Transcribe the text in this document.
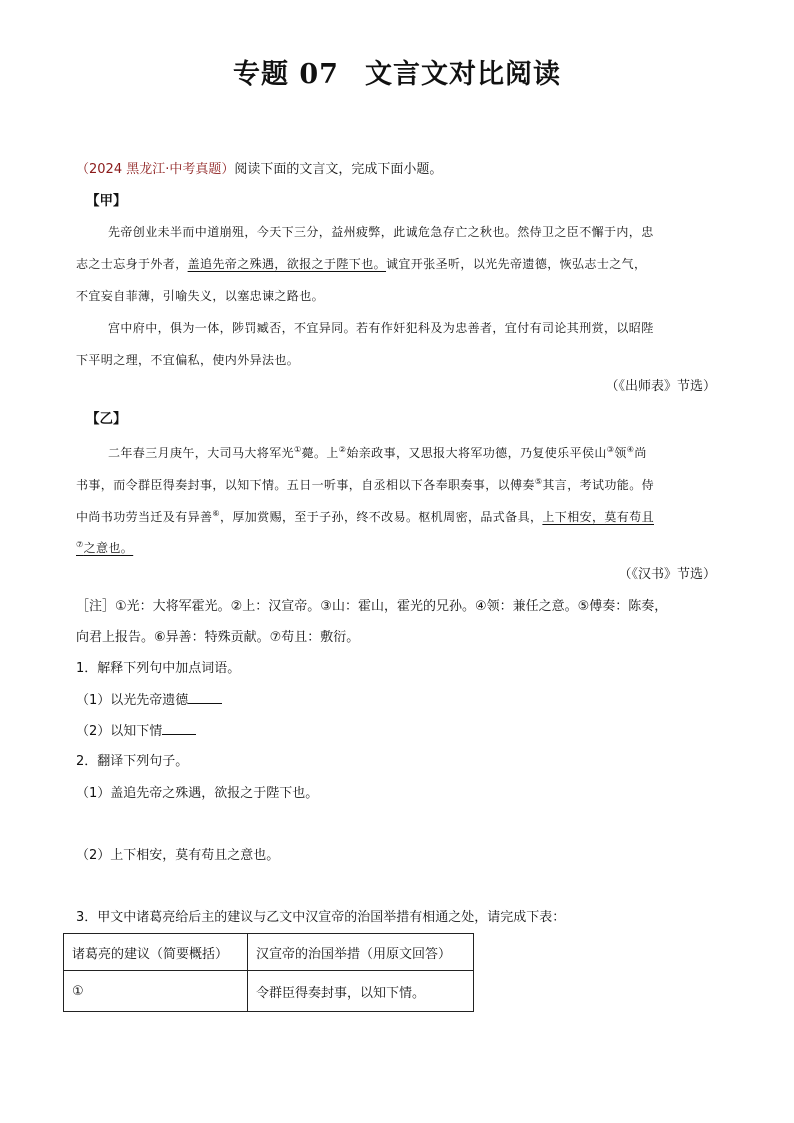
专题 07 文言文对比阅读
（2024 黑龙江·中考真题）阅读下面的文言文，完成下面小题。
【甲】
先帝创业未半而中道崩殂，今天下三分，益州疲弊，此诚危急存亡之秋也。然侍卫之臣不懈于内，忠
志之士忘身于外者，盖追先帝之殊遇，欲报之于陛下也。诚宜开张圣听，以光先帝遗德，恢弘志士之气，
不宜妄自菲薄，引喻失义，以塞忠谏之路也。
宫中府中，俱为一体，陟罚臧否，不宜异同。若有作奸犯科及为忠善者，宜付有司论其刑赏，以昭陛
下平明之理，不宜偏私，使内外异法也。
（《出师表》节选）
【乙】
二年春三月庚午，大司马大将军光①薨。上②始亲政事，又思报大将军功德，乃复使乐平侯山③领④尚
书事，而令群臣得奏封事，以知下情。五日一听事，自丞相以下各奉职奏事，以傅奏⑤其言，考试功能。侍
中尚书功劳当迁及有异善⑥，厚加赏赐，至于子孙，终不改易。枢机周密，品式备具，上下相安，莫有苟且
⑦之意也。
（《汉书》节选）
［注］①光：大将军霍光。②上：汉宣帝。③山：霍山，霍光的兄孙。④领：兼任之意。⑤傅奏：陈奏，
向君上报告。⑥异善：特殊贡献。⑦苟且：敷衍。
1．解释下列句中加点词语。
（1）以光先帝遗德
（2）以知下情
2．翻译下列句子。
（1）盖追先帝之殊遇，欲报之于陛下也。
（2）上下相安，莫有苟且之意也。
3．甲文中诸葛亮给后主的建议与乙文中汉宣帝的治国举措有相通之处，请完成下表：
诸葛亮的建议（简要概括）	汉宣帝的治国举措（用原文回答）
①	令群臣得奏封事，以知下情。
